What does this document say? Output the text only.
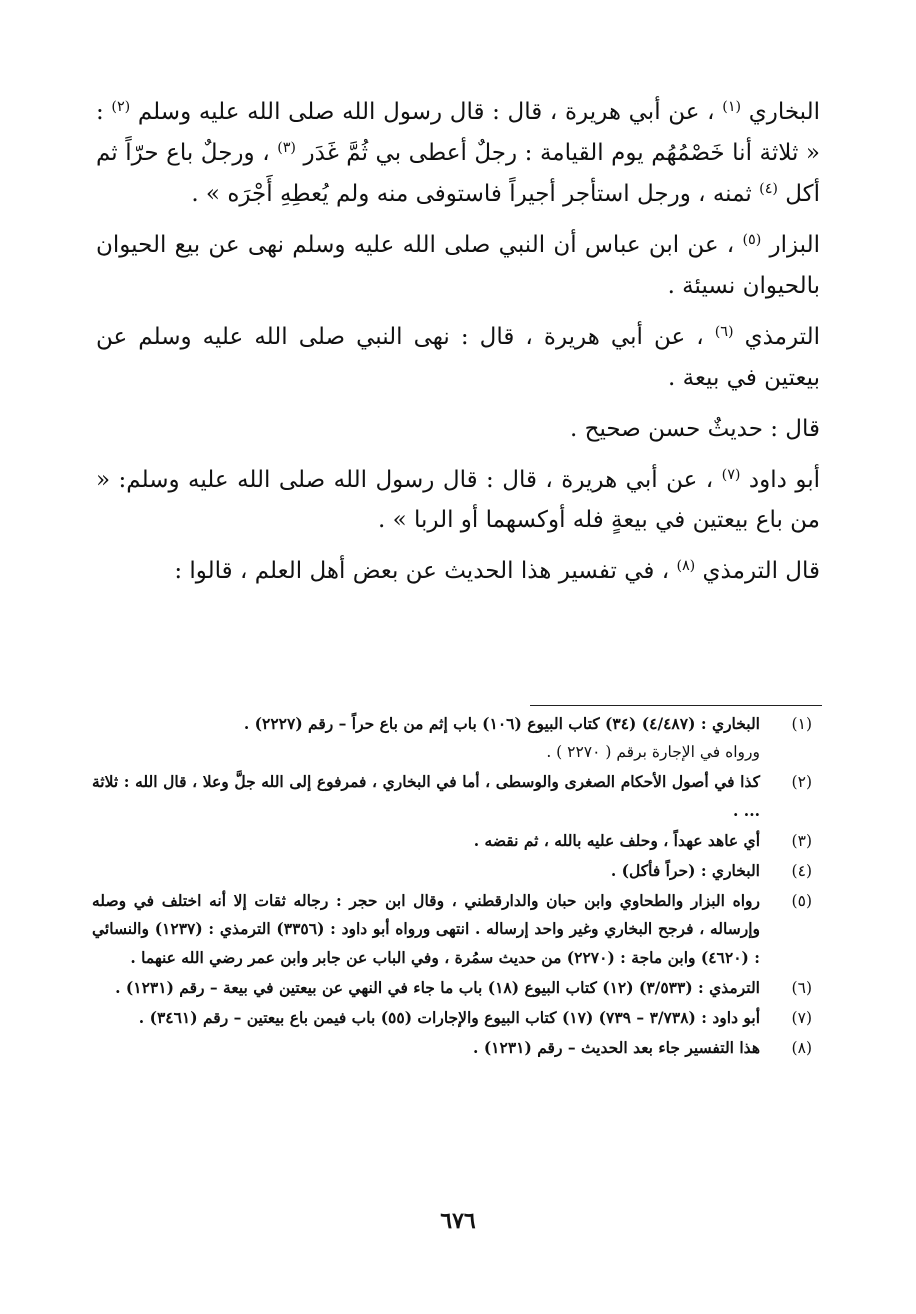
البخاري $^{(١)}$ ، عن أبي هريرة ، قال : قال رسول الله صلى الله عليه وسلم $^{(٢)}$ : « ثلاثة أنا خَصْمُهُم يوم القيامة : رجلٌ أعطى بي ثُمَّ غَدَر $^{(٣)}$ ، ورجلٌ باع حرّاً ثم أكل $^{(٤)}$ ثمنه ، ورجل استأجر أجيراً فاستوفى منه ولم يُعطِهِ أَجْرَه » .

البزار $^{(٥)}$ ، عن ابن عباس أن النبي صلى الله عليه وسلم نهى عن بيع الحيوان بالحيوان نسيئة .

الترمذي $^{(٦)}$ ، عن أبي هريرة ، قال : نهى النبي صلى الله عليه وسلم عن بيعتين في بيعة .

قال : حديثٌ حسن صحيح .

أبو داود $^{(٧)}$ ، عن أبي هريرة ، قال : قال رسول الله صلى الله عليه وسلم: « من باع بيعتين في بيعةٍ فله أوكسهما أو الربا » .

قال الترمذي $^{(٨)}$ ، في تفسير هذا الحديث عن بعض أهل العلم ، قالوا :

(١)
البخاري : (٤/٤٨٧) (٣٤) كتاب البيوع (١٠٦) باب إثم من باع حراً – رقم (٢٢٢٧) .
ورواه في الإجارة برقم ( ٢٢٧٠ ) .
(٢)
كذا في أصول الأحكام الصغرى والوسطى ، أما في البخاري ، فمرفوع إلى الله جلَّ وعلا ، قال الله : ثلاثة ... .
(٣)
أي عاهد عهداً ، وحلف عليه بالله ، ثم نقضه .
(٤)
البخاري : (حراً فأكل) .
(٥)
رواه البزار والطحاوي وابن حبان والدارقطني ، وقال ابن حجر : رجاله ثقات إلا أنه اختلف في وصله وإرساله ، فرجح البخاري وغير واحد إرساله . انتهى ورواه أبو داود : (٣٣٥٦) الترمذي : (١٢٣٧) والنسائي : (٤٦٢٠) وابن ماجة : (٢٢٧٠) من حديث سمُرة ، وفي الباب عن جابر وابن عمر رضي الله عنهما .
(٦)
الترمذي : (٣/٥٣٣) (١٢) كتاب البيوع (١٨) باب ما جاء في النهي عن بيعتين في بيعة – رقم (١٢٣١) .
(٧)
أبو داود : (٣/٧٣٨ – ٧٣٩) (١٧) كتاب البيوع والإجارات (٥٥) باب فيمن باع بيعتين – رقم (٣٤٦١) .
(٨)
هذا التفسير جاء بعد الحديث – رقم (١٢٣١) .
٦٧٦
